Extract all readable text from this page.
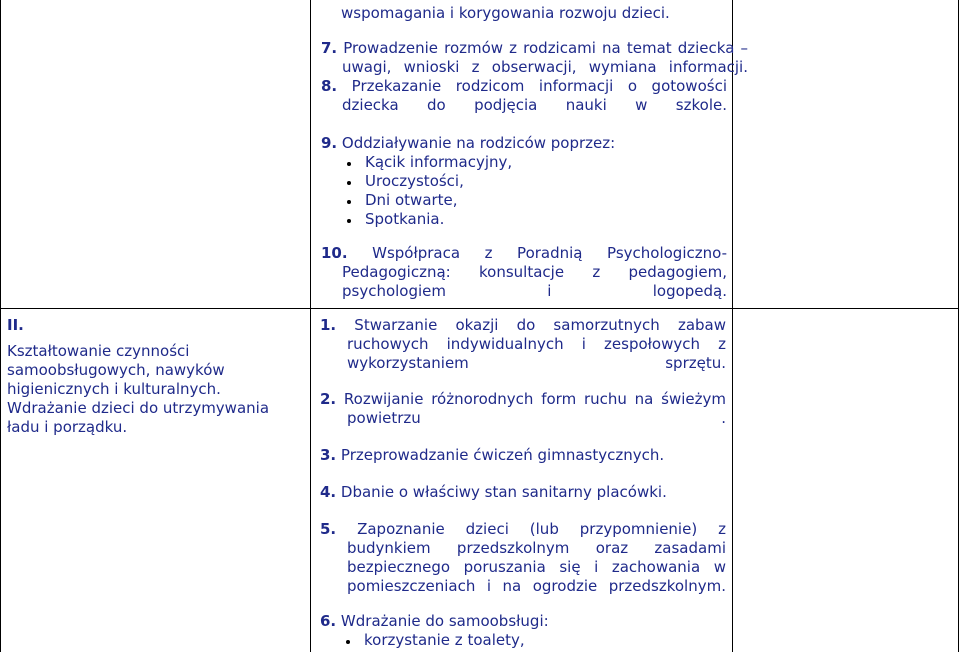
wspomagania i korygowania rozwoju dzieci.
7. Prowadzenie rozmów z rodzicami na temat dziecka – uwagi, wnioski z obserwacji, wymiana informacji.
8. Przekazanie rodzicom informacji o gotowości dziecka do podjęcia nauki w szkole.
9. Oddziaływanie na rodziców poprzez:
Kącik informacyjny,
Uroczystości,
Dni otwarte,
Spotkania.
10. Współpraca z Poradnią Psychologiczno-Pedagogiczną: konsultacje z pedagogiem, psychologiem i logopedą.
II.
Kształtowanie czynności samoobsługowych, nawyków higienicznych i kulturalnych. Wdrażanie dzieci do utrzymywania ładu i porządku.
1. Stwarzanie okazji do samorzutnych zabaw ruchowych indywidualnych i zespołowych z wykorzystaniem sprzętu.
2. Rozwijanie różnorodnych form ruchu na świeżym powietrzu .
3. Przeprowadzanie ćwiczeń gimnastycznych.
4. Dbanie o właściwy stan sanitarny placówki.
5. Zapoznanie dzieci (lub przypomnienie) z budynkiem przedszkolnym oraz zasadami bezpiecznego poruszania się i zachowania w pomieszczeniach i na ogrodzie przedszkolnym.
6. Wdrażanie do samoobsługi:
korzystanie z toalety,
